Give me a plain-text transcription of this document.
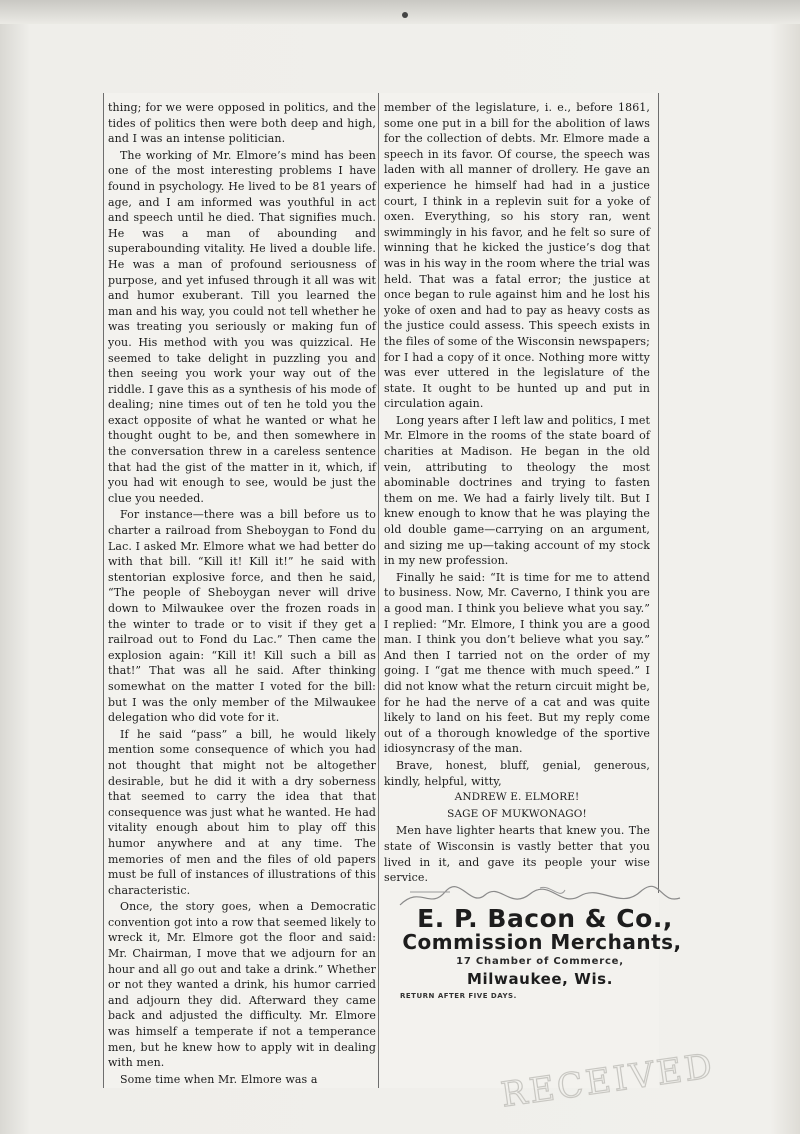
thing; for we were opposed in politics, and the tides of politics then were both deep and high, and I was an intense politician.

The working of Mr. Elmore’s mind has been one of the most interesting problems I have found in psychology. He lived to be 81 years of age, and I am informed was youthful in act and speech until he died. That signifies much. He was a man of abounding and superabounding vitality. He lived a double life. He was a man of profound seriousness of purpose, and yet infused through it all was wit and humor exuberant. Till you learned the man and his way, you could not tell whether he was treating you seriously or making fun of you. His method with you was quizzical. He seemed to take delight in puzzling you and then seeing you work your way out of the riddle. I gave this as a synthesis of his mode of dealing; nine times out of ten he told you the exact opposite of what he wanted or what he thought ought to be, and then somewhere in the conversation threw in a careless sentence that had the gist of the matter in it, which, if you had wit enough to see, would be just the clue you needed.

For instance—there was a bill before us to charter a railroad from Sheboygan to Fond du Lac. I asked Mr. Elmore what we had better do with that bill. “Kill it! Kill it!” he said with stentorian explosive force, and then he said, “The people of Sheboygan never will drive down to Milwaukee over the frozen roads in the winter to trade or to visit if they get a railroad out to Fond du Lac.” Then came the explosion again: “Kill it! Kill such a bill as that!” That was all he said. After thinking somewhat on the matter I voted for the bill: but I was the only member of the Milwaukee delegation who did vote for it.

If he said “pass” a bill, he would likely mention some consequence of which you had not thought that might not be altogether desirable, but he did it with a dry soberness that seemed to carry the idea that that consequence was just what he wanted. He had vitality enough about him to play off this humor anywhere and at any time. The memories of men and the files of old papers must be full of instances of illustrations of this characteristic.

Once, the story goes, when a Democratic convention got into a row that seemed likely to wreck it, Mr. Elmore got the floor and said: Mr. Chairman, I move that we adjourn for an hour and all go out and take a drink.” Whether or not they wanted a drink, his humor carried and adjourn they did. Afterward they came back and adjusted the difficulty. Mr. Elmore was himself a temperate if not a temperance men, but he knew how to apply wit in dealing with men.

Some time when Mr. Elmore was a

member of the legislature, i. e., before 1861, some one put in a bill for the abolition of laws for the collection of debts. Mr. Elmore made a speech in its favor. Of course, the speech was laden with all manner of drollery. He gave an experience he himself had had in a justice court, I think in a replevin suit for a yoke of oxen. Everything, so his story ran, went swimmingly in his favor, and he felt so sure of winning that he kicked the justice’s dog that was in his way in the room where the trial was held. That was a fatal error; the justice at once began to rule against him and he lost his yoke of oxen and had to pay as heavy costs as the justice could assess. This speech exists in the files of some of the Wisconsin newspapers; for I had a copy of it once. Nothing more witty was ever uttered in the legislature of the state. It ought to be hunted up and put in circulation again.

Long years after I left law and politics, I met Mr. Elmore in the rooms of the state board of charities at Madison. He began in the old vein, attributing to theology the most abominable doctrines and trying to fasten them on me. We had a fairly lively tilt. But I knew enough to know that he was playing the old double game—carrying on an argument, and sizing me up—taking account of my stock in my new profession.

Finally he said: “It is time for me to attend to business. Now, Mr. Caverno, I think you are a good man. I think you believe what you say.” I replied: “Mr. Elmore, I think you are a good man. I think you don’t believe what you say.” And then I tarried not on the order of my going. I “gat me thence with much speed.” I did not know what the return circuit might be, for he had the nerve of a cat and was quite likely to land on his feet. But my reply come out of a thorough knowledge of the sportive idiosyncrasy of the man.

Brave, honest, bluff, genial, generous, kindly, helpful, witty,

ANDREW E. ELMORE!

SAGE OF MUKWONAGO!

Men have lighter hearts that knew you. The state of Wisconsin is vastly better that you lived in it, and gave its people your wise service.

E. P. Bacon & Co.,
Commission Merchants,
17 Chamber of Commerce,
Milwaukee, Wis.
RETURN AFTER FIVE DAYS.
RECEIVED
